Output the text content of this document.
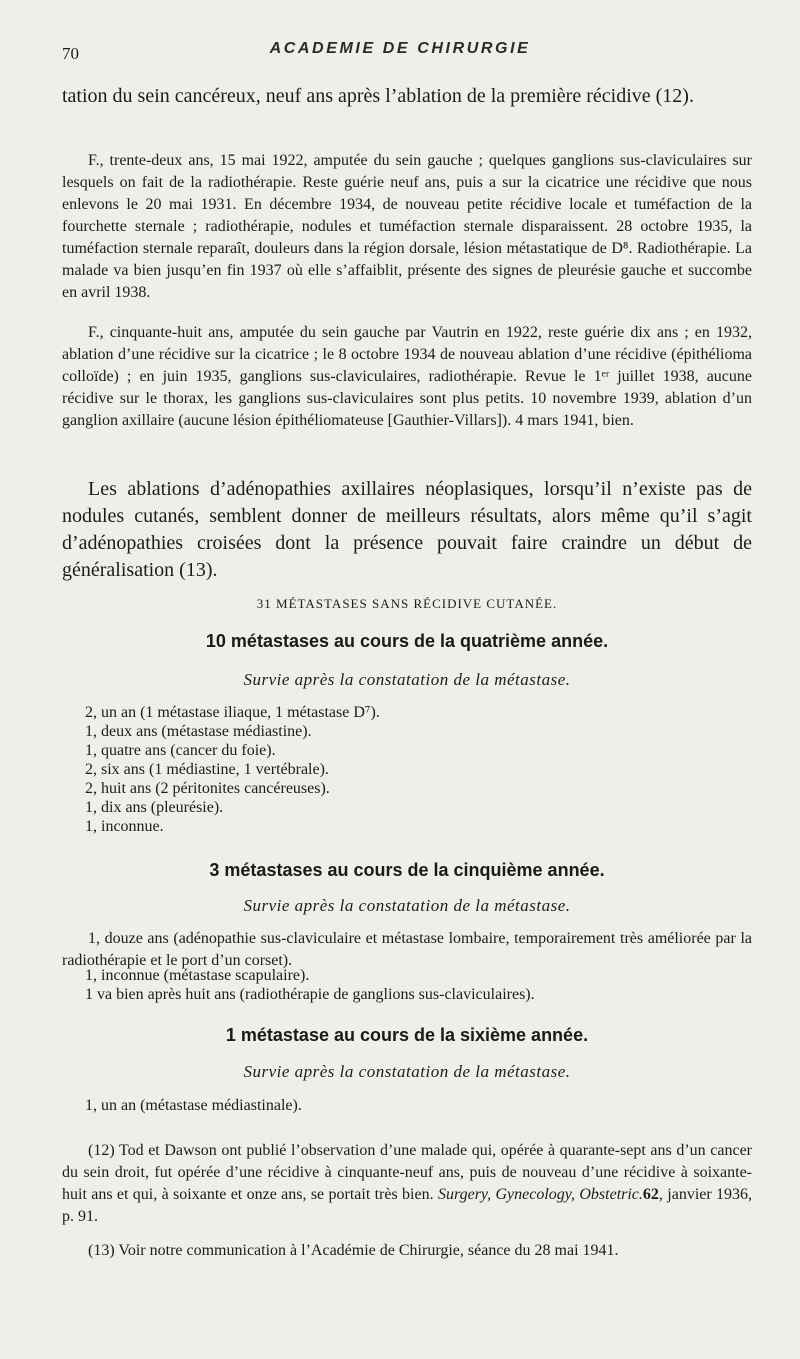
70	ACADEMIE DE CHIRURGIE

tation du sein cancéreux, neuf ans après l’ablation de la première récidive (12).

F., trente-deux ans, 15 mai 1922, amputée du sein gauche ; quelques ganglions sus-claviculaires sur lesquels on fait de la radiothérapie. Reste guérie neuf ans, puis a sur la cicatrice une récidive que nous enlevons le 20 mai 1931. En décembre 1934, de nouveau petite récidive locale et tuméfaction de la fourchette sternale ; radiothérapie, nodules et tuméfaction sternale disparaissent. 28 octobre 1935, la tuméfaction sternale reparaît, douleurs dans la région dorsale, lésion métastatique de D⁸. Radiothérapie. La malade va bien jusqu’en fin 1937 où elle s’affaiblit, présente des signes de pleurésie gauche et succombe en avril 1938.

F., cinquante-huit ans, amputée du sein gauche par Vautrin en 1922, reste guérie dix ans ; en 1932, ablation d’une récidive sur la cicatrice ; le 8 octobre 1934 de nouveau ablation d’une récidive (épithélioma colloïde) ; en juin 1935, ganglions sus-claviculaires, radiothérapie. Revue le 1ᵉʳ juillet 1938, aucune récidive sur le thorax, les ganglions sus-claviculaires sont plus petits. 10 novembre 1939, ablation d’un ganglion axillaire (aucune lésion épithéliomateuse [Gauthier-Villars]). 4 mars 1941, bien.

Les ablations d’adénopathies axillaires néoplasiques, lorsqu’il n’existe pas de nodules cutanés, semblent donner de meilleurs résultats, alors même qu’il s’agit d’adénopathies croisées dont la présence pouvait faire craindre un début de généralisation (13).

31 MÉTASTASES SANS RÉCIDIVE CUTANÉE.
10 métastases au cours de la quatrième année.
Survie après la constatation de la métastase.
2, un an (1 métastase iliaque, 1 métastase D⁷).
1, deux ans (métastase médiastine).
1, quatre ans (cancer du foie).
2, six ans (1 médiastine, 1 vertébrale).
2, huit ans (2 péritonites cancéreuses).
1, dix ans (pleurésie).
1, inconnue.
3 métastases au cours de la cinquième année.
Survie après la constatation de la métastase.

1, douze ans (adénopathie sus-claviculaire et métastase lombaire, temporairement très améliorée par la radiothérapie et le port d’un corset).

1, inconnue (métastase scapulaire).
1 va bien après huit ans (radiothérapie de ganglions sus-claviculaires).
1 métastase au cours de la sixième année.
Survie après la constatation de la métastase.
1, un an (métastase médiastinale).

(12) Tod et Dawson ont publié l’observation d’une malade qui, opérée à quarante-sept ans d’un cancer du sein droit, fut opérée d’une récidive à cinquante-neuf ans, puis de nouveau d’une récidive à soixante-huit ans et qui, à soixante et onze ans, se portait très bien. Surgery, Gynecology, Obstetric.62, janvier 1936, p. 91.

(13) Voir notre communication à l’Académie de Chirurgie, séance du 28 mai 1941.
